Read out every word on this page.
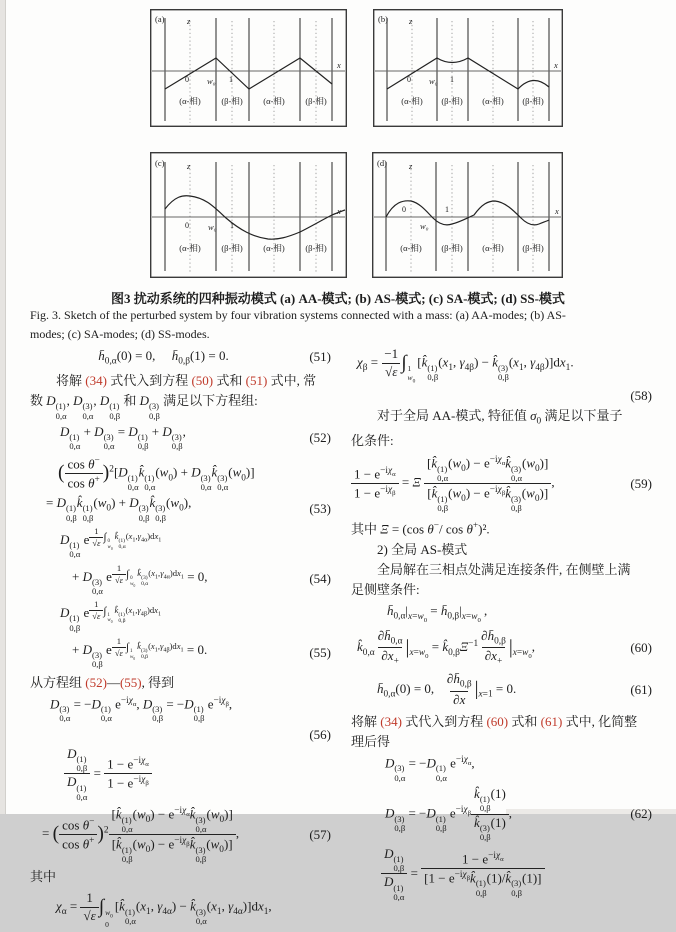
(a)	z
x
0 w₀ 1
(α-相) (β-相) (α-相) (β-相)
(b) z
x
0 w₀ 1
(α-相) (β-相) (α-相) (β-相)
(c)	z
x
0 w₀ 1
(α-相) (β-相) (α-相) (β-相)
(d)	z
x
0
w₀
1
(α-相) (β-相) (α-相) (β-相)
图3 扰动系统的四种振动模式 (a) AA-模式; (b) AS-模式; (c) SA-模式; (d) SS-模式
Fig. 3. Sketch of the perturbed system by four vibration systems connected with a mass: (a) AA-modes; (b) AS-
modes; (c) SA-modes; (d) SS-modes.
$h̄_{0,\alpha}(0) = 0$,  $h̄_{0,\beta}(1) = 0$.	(51)
将解 (34) 式代入到方程 (50) 式和 (51) 式中, 常
数 D (1)
0,α
, D (3)
0,α
, D (1)
0,β
和 D (3)
0,β
满足以下方程组:
D (1)
0,α
+ D (3)
0,α
= D (1)
0,β
+ D (3)
0,β
,	(52)
( $\frac{\cos \theta^-}{\cos \theta^+} )^2[D$ (1)
0,α
k̂ (1)
0,α
$(w_0) + D$ (3)
0,α
k̂ (3)
0,α
$(w_0)$]
= D (1)
0,β
k̂ (1)
0,β
$(w_0) + D$ (3)
0,β
k̂ (3)
0,β
$(w_0)$,	(53)
D (1)
0,α
e $^{\frac{1}{√\varepsilon} \int 0 w_0 k̂ (1) 0,\alpha (x_1,\gamma_{4\alpha})dx_1}$
+ D (3)
0,α
e $^{\frac{1}{√\varepsilon} \int 0 w_0 k̂ (3) 0,\alpha (x_1,\gamma_{4\alpha})dx_1}$ = 0,	(54)
D (1)
0,β
e $^{\frac{1}{√\varepsilon} \int 1 w_0 k̂ (1) 0,\beta (x_1,\gamma_{4\beta})dx_1}$
+ D (3)
0,β
e $^{\frac{1}{√\varepsilon} \int 1 w_0 k̂ (3) 0,\beta (x_1,\gamma_{4\beta})dx_1}$ = 0.	(55)
从方程组 (52)—(55), 得到
D (3)
0,α
= −D (1)
0,α
$e^{-i\chi_\alpha}$, D (3)
0,β
= −D (1)
0,β
$e^{-i\chi_\beta}$,
(56)
D (1)
0,β
D (1)
0,α =
$1 - e^{-i\chi_\alpha}$
$1 - e^{-i\chi_\beta}$
= ( $\frac{\cos \theta^-}{\cos \theta^+} )^2$
[k̂ (1)
0,α
$(w_0)$ − $e^{-i\chi_\alpha}k̂$ (3)
0,α
$(w_0)$]
[k̂ (1)
0,β
$(w_0)$ − $e^{-i\chi_\beta}k̂$ (3)
0,β
$(w_0)$]
,	(57)
其中
$\chi_\alpha = \frac{1}{√\varepsilon}$ ∫ $w_0$
0
[k̂ (1)
0,α
($x_1$, $\gamma_{4\alpha}$) − k̂ (3)
0,α
($x_1$, $\gamma_{4\alpha})]dx_1$,
$\chi_\beta = \frac{-1}{√\varepsilon}$ ∫ 1
$w_0$
[k̂ (1)
0,β
($x_1$, $\gamma_{4\beta}$) − k̂ (3)
0,β
($x_1$, $\gamma_{4\beta})]dx_1$.
(58)
对于全局 AA-模式, 特征值 $\sigma_0$ 满足以下量子
化条件:
$1 - e^{-i\chi_\alpha}$
$1 - e^{-i\chi_\beta}$
= Ξ
[k̂ (1)
0,α
$(w_0)$ − $e^{-i\chi_\alpha}k̂$ (3)
0,α
$(w_0)$]
[k̂ (1)
0,β
$(w_0)$ − $e^{-i\chi_\beta}k̂$ (3)
0,β
$(w_0)$]
,	(59)
其中 Ξ = (cos θ−/ cos θ+)².
2) 全局 AS-模式
全局解在三相点处满足连接条件, 在侧壁上满
足侧壁条件:
$h̄_{0,\alpha}|_{x=w_0}$ = $h̄_{0,\beta}|_{x=w_0}$ ,
$k̂_{0,\alpha} \frac{\partial h̄_{0,\alpha}}{\partial x_+} |_{x=w_0}$ = $k̂_{0,\beta}\Xi^{-1} \frac{\partial h̄_{0,\beta}}{\partial x_+} |_{x=w_0}$,	(60)
$h̄_{0,\alpha}(0) = 0$,   $\frac{\partial h̄_{0,\beta}}{\partial x} |_{x=1} = 0$.	(61)
将解 (34) 式代入到方程 (60) 式和 (61) 式中, 化简整
理后得
D (3)
0,α
= −D (1)
0,α
$e^{-i\chi_\alpha}$,
D (3)
0,β
= −D (1)
0,β
$e^{-i\chi_\beta}$ k̂ (1)
0,β
(1)
k̂ (3)
0,β
(1) ,	(62)
D (1)
0,β
D (1)
0,α =
$1 - e^{-i\chi_\alpha}$
[$1 - e^{-i\chi_\beta}k̂$ (1)
0,β
(1)/k̂ (3)
0,β
(1)]
